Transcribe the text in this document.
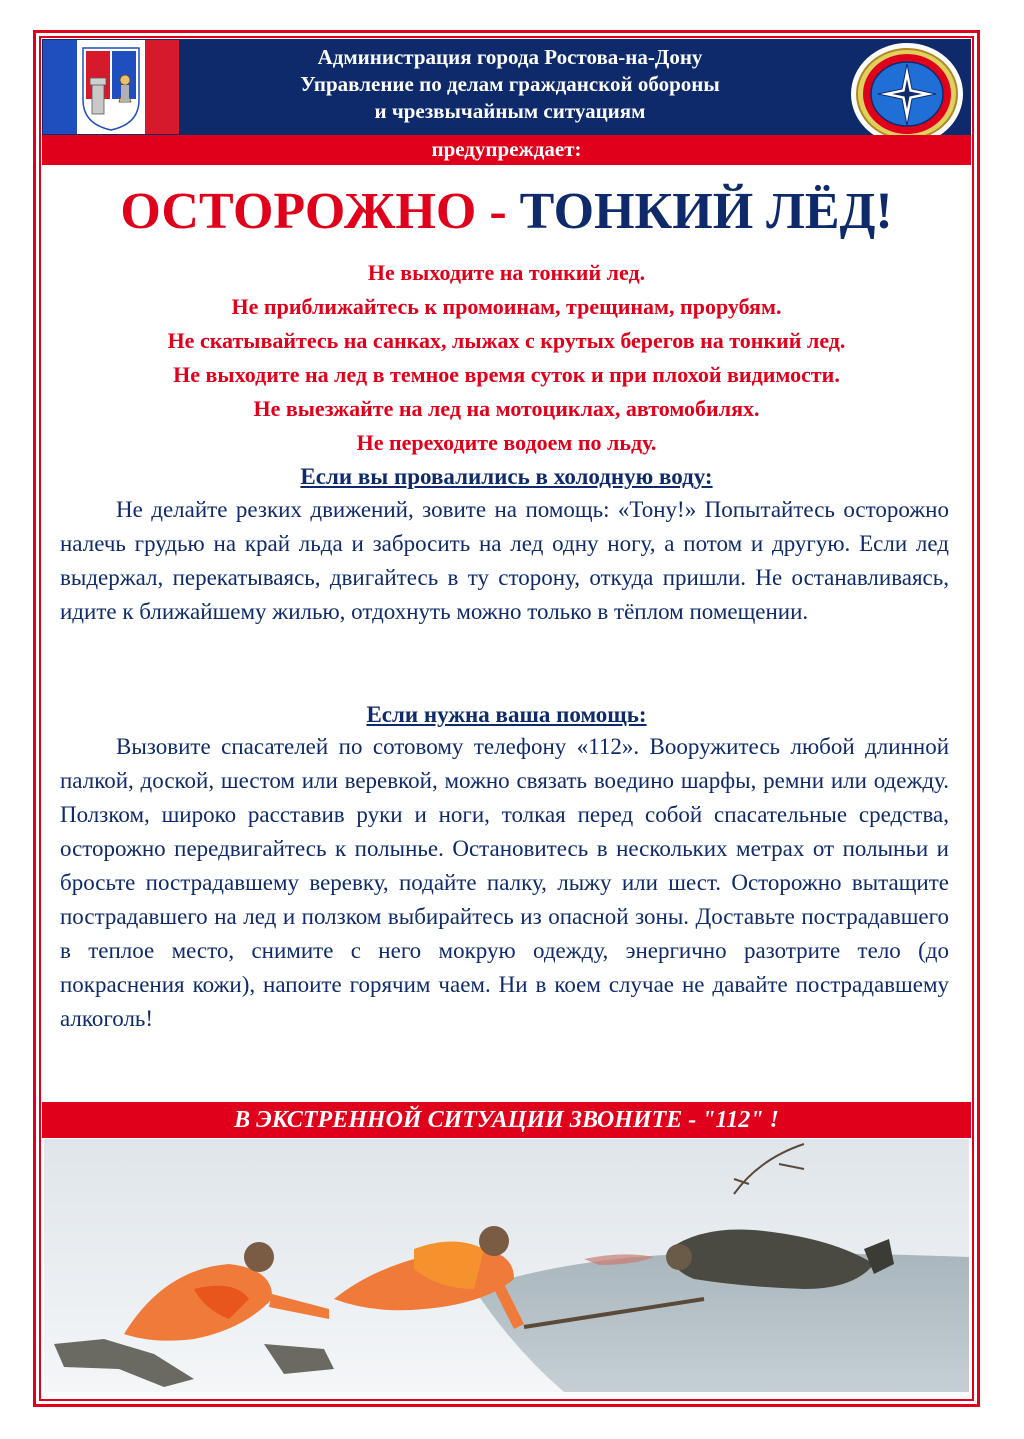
Администрация города Ростова-на-Дону
Управление по делам гражданской обороны
и чрезвычайным ситуациям
предупреждает:
ОСТОРОЖНО - ТОНКИЙ ЛЁД!
Не выходите на тонкий лед.
Не приближайтесь к промоинам, трещинам, прорубям.
Не скатывайтесь на санках, лыжах с крутых берегов на тонкий лед.
Не выходите на лед в темное время суток и при плохой видимости.
Не выезжайте на лед на мотоциклах, автомобилях.
Не переходите водоем по льду.
Если вы провалились в холодную воду:

Не делайте резких движений, зовите на помощь: «Тону!» Попытайтесь осторожно налечь грудью на край льда и забросить на лед одну ногу, а потом и другую. Если лед выдержал, перекатываясь, двигайтесь в ту сторону, откуда пришли. Не останавливаясь, идите к ближайшему жилью, отдохнуть можно только в тёплом помещении.

Если нужна ваша помощь:

Вызовите спасателей по сотовому телефону «112». Вооружитесь любой длинной палкой, доской, шестом или веревкой, можно связать воедино шарфы, ремни или одежду. Ползком, широко расставив руки и ноги, толкая перед собой спасательные средства, осторожно передвигайтесь к полынье. Остановитесь в нескольких метрах от полыньи и бросьте пострадавшему веревку, подайте палку, лыжу или шест. Осторожно вытащите пострадавшего на лед и ползком выбирайтесь из опасной зоны. Доставьте пострадавшего в теплое место, снимите с него мокрую одежду, энергично разотрите тело (до покраснения кожи), напоите горячим чаем. Ни в коем случае не давайте пострадавшему алкоголь!

В ЭКСТРЕННОЙ СИТУАЦИИ ЗВОНИТЕ - "112" !
